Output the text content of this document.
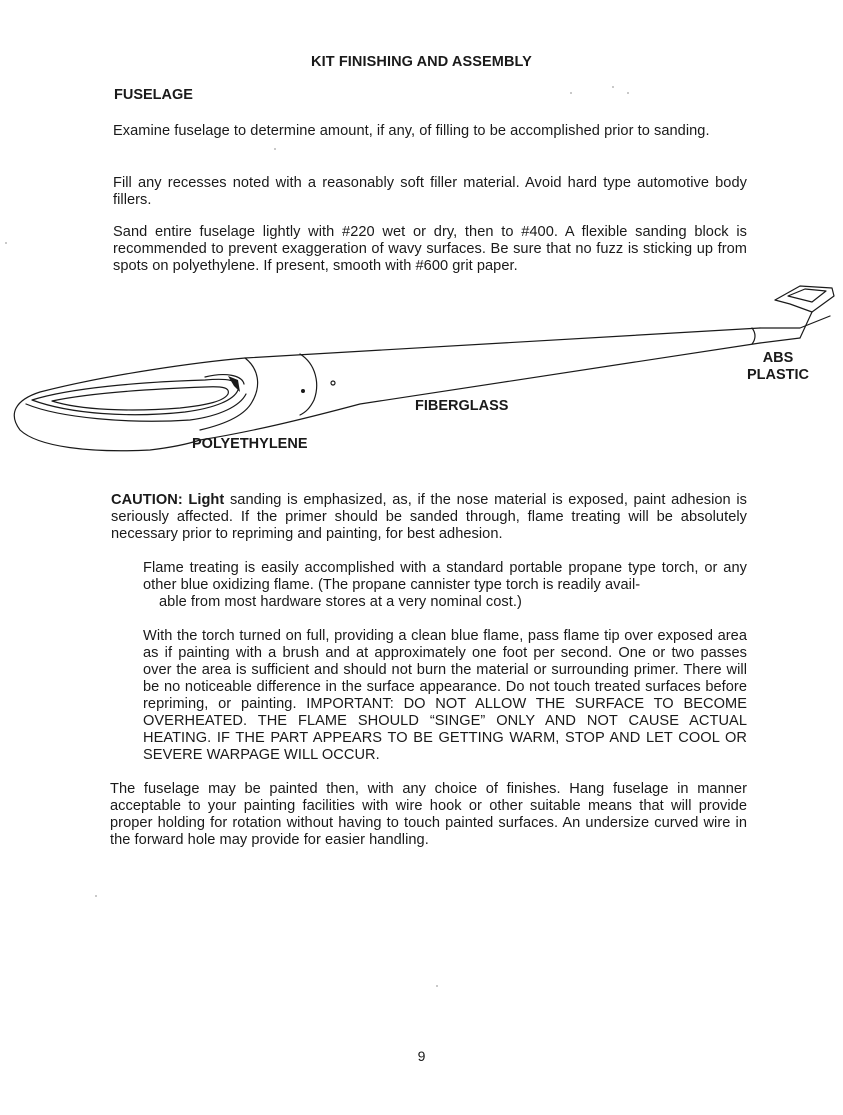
KIT FINISHING AND ASSEMBLY
FUSELAGE

Examine fuselage to determine amount, if any, of filling to be accomplished prior to sanding.

Fill any recesses noted with a reasonably soft filler material. Avoid hard type automotive body fillers.

Sand entire fuselage lightly with #220 wet or dry, then to #400. A flexible sanding block is recommended to prevent exaggeration of wavy surfaces. Be sure that no fuzz is sticking up from spots on polyethylene. If present, smooth with #600 grit paper.

FIBERGLASS
POLYETHYLENE
ABS
PLASTIC

CAUTION: Light sanding is emphasized, as, if the nose material is exposed, paint adhesion is seriously affected. If the primer should be sanded through, flame treating will be absolutely necessary prior to repriming and painting, for best adhesion.

Flame treating is easily accomplished with a standard portable propane type torch, or any other blue oxidizing flame. (The propane cannister type torch is readily avail-
able from most hardware stores at a very nominal cost.)

With the torch turned on full, providing a clean blue flame, pass flame tip over exposed area as if painting with a brush and at approximately one foot per second. One or two passes over the area is sufficient and should not burn the material or surrounding primer. There will be no noticeable difference in the surface appearance. Do not touch treated surfaces before repriming, or painting. IMPORTANT: DO NOT ALLOW THE SURFACE TO BECOME OVERHEATED. THE FLAME SHOULD “SINGE” ONLY AND NOT CAUSE ACTUAL HEATING. IF THE PART APPEARS TO BE GETTING WARM, STOP AND LET COOL OR SEVERE WARPAGE WILL OCCUR.

The fuselage may be painted then, with any choice of finishes. Hang fuselage in manner acceptable to your painting facilities with wire hook or other suitable means that will provide proper holding for rotation without having to touch painted surfaces. An undersize curved wire in the forward hole may provide for easier handling.

9
